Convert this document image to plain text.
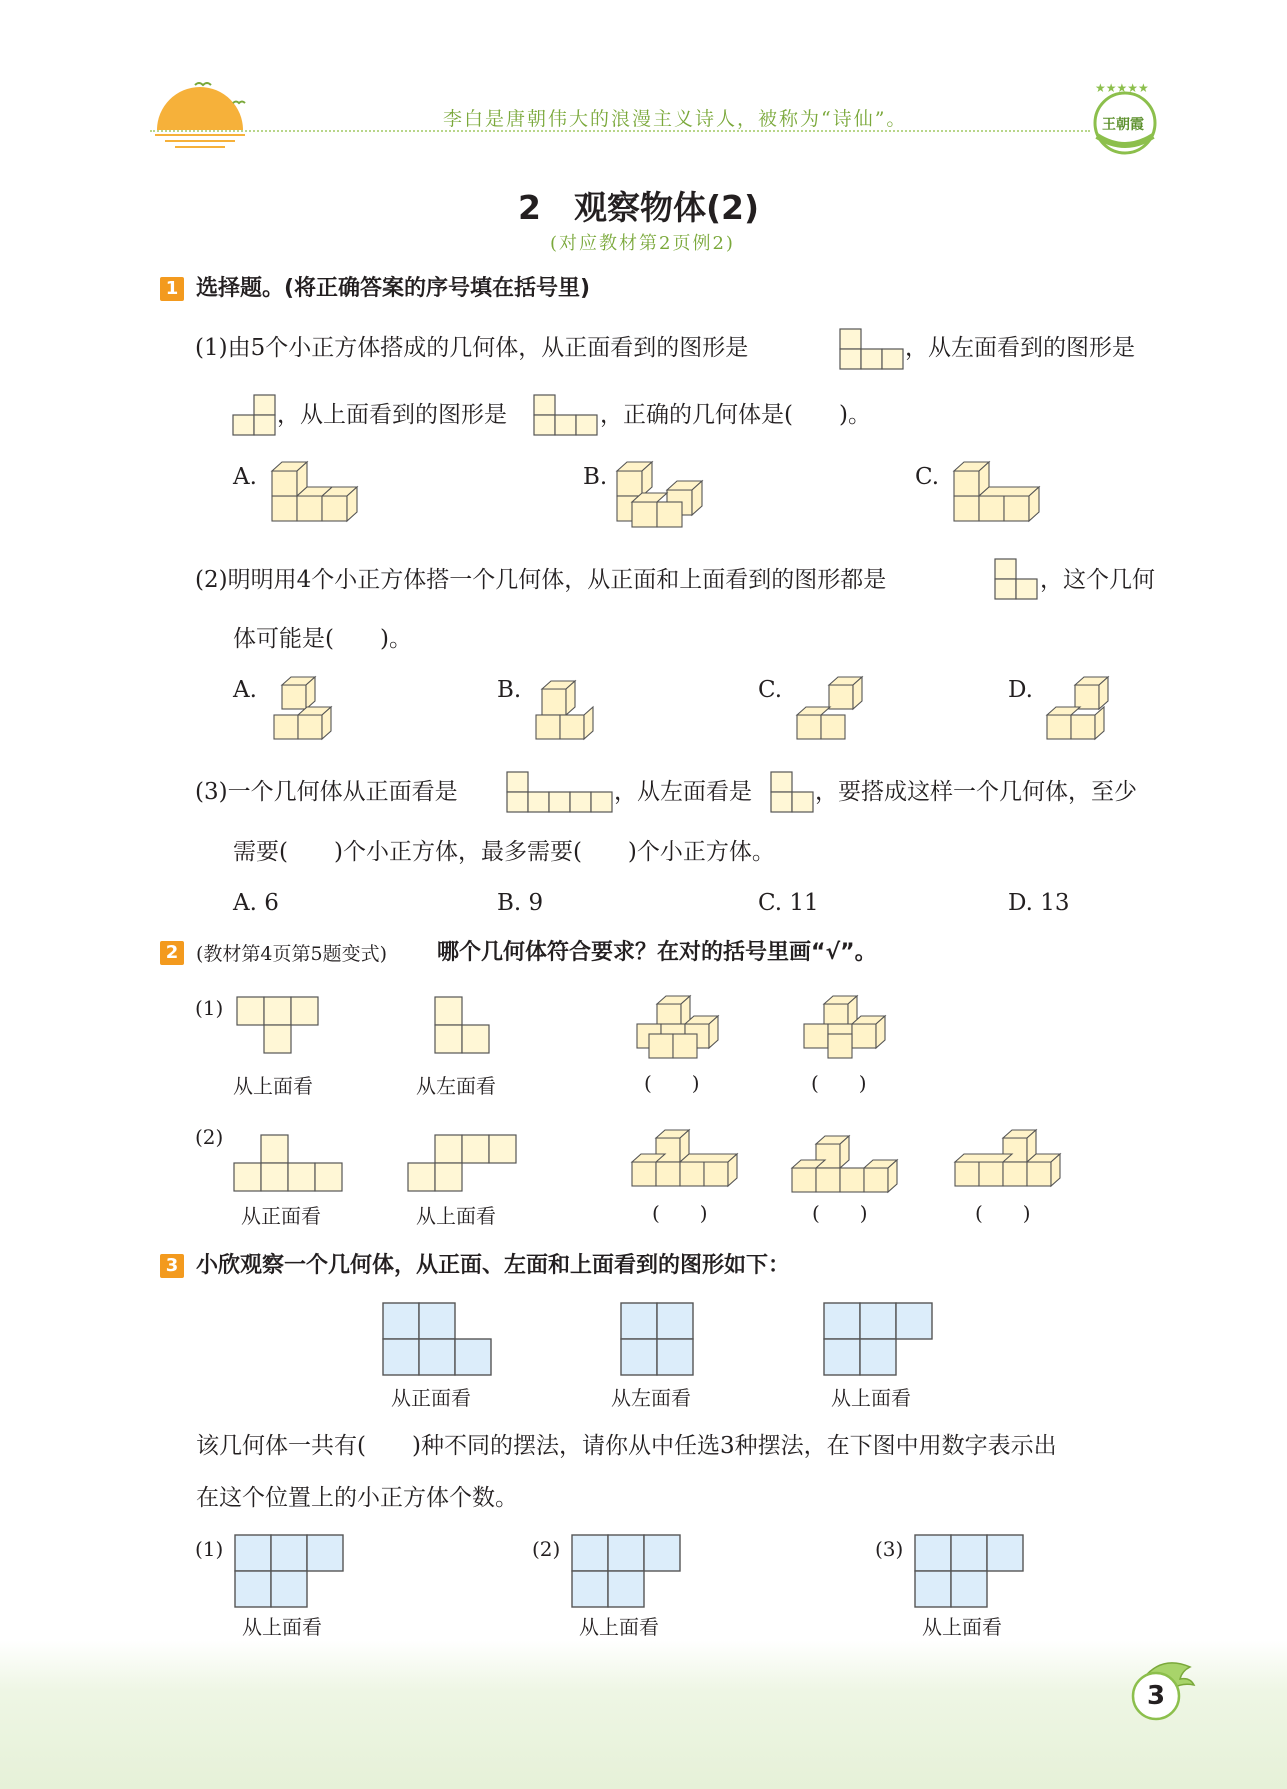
李白是唐朝伟大的浪漫主义诗人，被称为“诗仙”。
★★★★★
王朝霞
2　观察物体(2)
(对应教材第2页例2)
1 选择题。(将正确答案的序号填在括号里)
(1)由5个小正方体搭成的几何体，从正面看到的图形是	，从左面看到的图形是
，从上面看到的图形是	，正确的几何体是(　　)。
A.	B.	C.
(2)明明用4个小正方体搭一个几何体，从正面和上面看到的图形都是	，这个几何
体可能是(　　)。
A.	B.	C.	D.
(3)一个几何体从正面看是	，从左面看是	，要搭成这样一个几何体，至少
需要(　　)个小正方体，最多需要(　　)个小正方体。
A. 6	B. 9	C. 11	D. 13
2 (教材第4页第5题变式) 哪个几何体符合要求？在对的括号里画“√”。
(1)
从上面看	从左面看	(　　)	(　　)
(2)
从正面看	从上面看	(　　)	(　　)	(　　)
3 小欣观察一个几何体，从正面、左面和上面看到的图形如下：
从正面看	从左面看	从上面看
该几何体一共有(　　)种不同的摆法，请你从中任选3种摆法，在下图中用数字表示出
在这个位置上的小正方体个数。
(1)
从上面看
(2)
从上面看
(3)
从上面看
3
